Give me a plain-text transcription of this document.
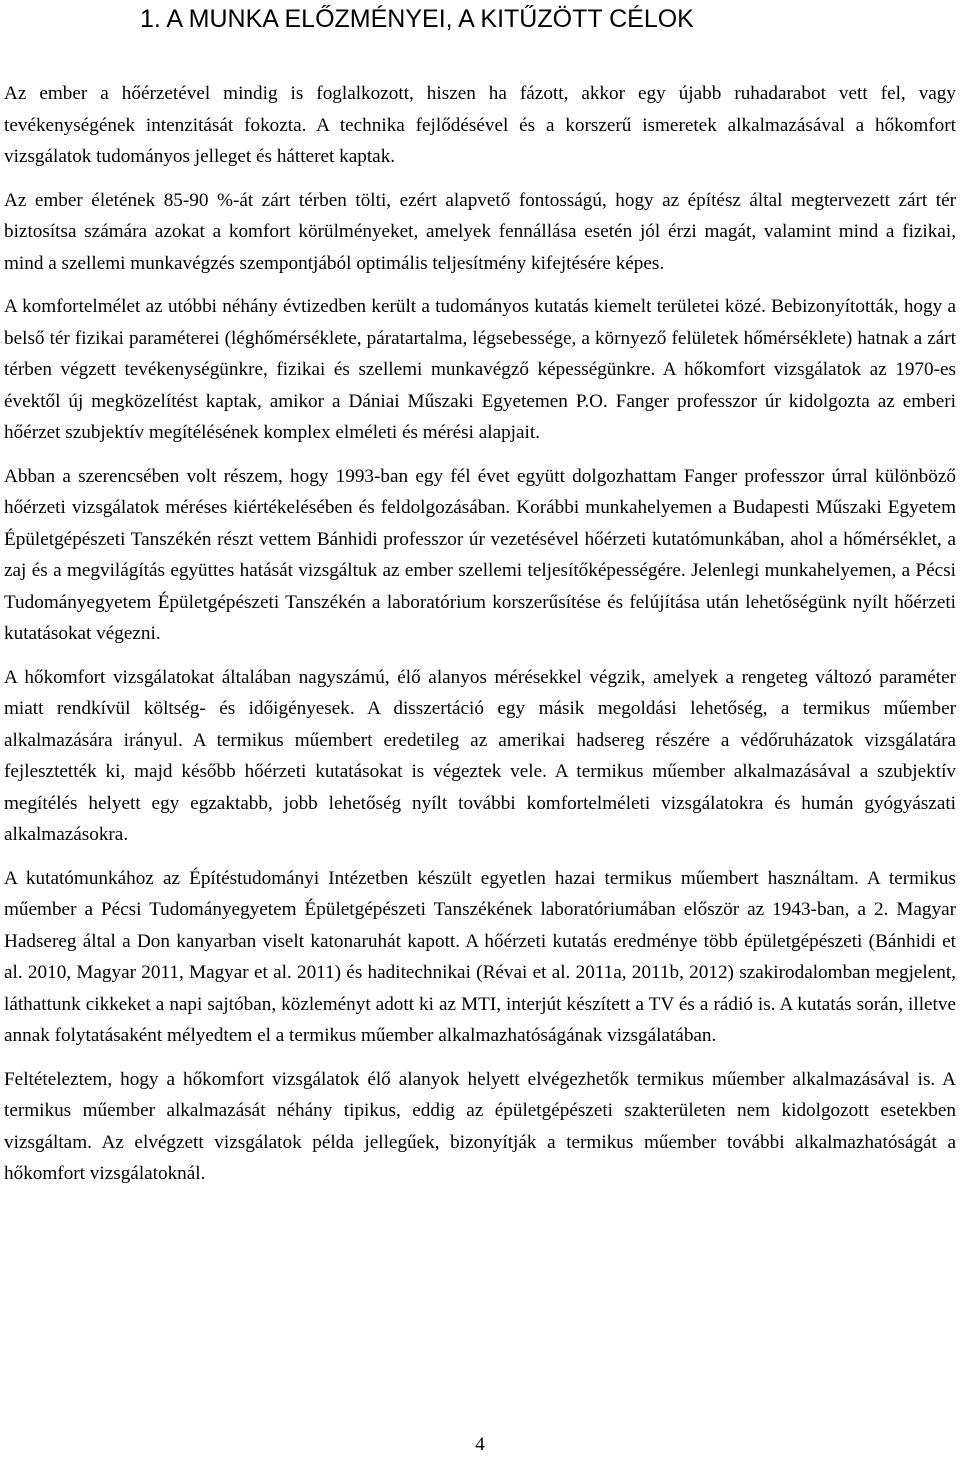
1. A MUNKA ELŐZMÉNYEI, A KITŰZÖTT CÉLOK

Az ember a hőérzetével mindig is foglalkozott, hiszen ha fázott, akkor egy újabb ruhadarabot vett fel, vagy tevékenységének intenzitását fokozta. A technika fejlődésével és a korszerű ismeretek alkalmazásával a hőkomfort vizsgálatok tudományos jelleget és hátteret kaptak.

Az ember életének 85-90 %-át zárt térben tölti, ezért alapvető fontosságú, hogy az építész által megtervezett zárt tér biztosítsa számára azokat a komfort körülményeket, amelyek fennállása esetén jól érzi magát, valamint mind a fizikai, mind a szellemi munkavégzés szempontjából optimális teljesítmény kifejtésére képes.

A komfortelmélet az utóbbi néhány évtizedben került a tudományos kutatás kiemelt területei közé. Bebizonyították, hogy a belső tér fizikai paraméterei (léghőmérséklete, páratartalma, légsebessége, a környező felületek hőmérséklete) hatnak a zárt térben végzett tevékenységünkre, fizikai és szellemi munkavégző képességünkre. A hőkomfort vizsgálatok az 1970-es évektől új megközelítést kaptak, amikor a Dániai Műszaki Egyetemen P.O. Fanger professzor úr kidolgozta az emberi hőérzet szubjektív megítélésének komplex elméleti és mérési alapjait.

Abban a szerencsében volt részem, hogy 1993-ban egy fél évet együtt dolgozhattam Fanger professzor úrral különböző hőérzeti vizsgálatok méréses kiértékelésében és feldolgozásában. Korábbi munkahelyemen a Budapesti Műszaki Egyetem Épületgépészeti Tanszékén részt vettem Bánhidi professzor úr vezetésével hőérzeti kutatómunkában, ahol a hőmérséklet, a zaj és a megvilágítás együttes hatását vizsgáltuk az ember szellemi teljesítőképességére. Jelenlegi munkahelyemen, a Pécsi Tudományegyetem Épületgépészeti Tanszékén a laboratórium korszerűsítése és felújítása után lehetőségünk nyílt hőérzeti kutatásokat végezni.

A hőkomfort vizsgálatokat általában nagyszámú, élő alanyos mérésekkel végzik, amelyek a rengeteg változó paraméter miatt rendkívül költség- és időigényesek. A disszertáció egy másik megoldási lehetőség, a termikus műember alkalmazására irányul. A termikus műembert eredetileg az amerikai hadsereg részére a védőruházatok vizsgálatára fejlesztették ki, majd később hőérzeti kutatásokat is végeztek vele. A termikus műember alkalmazásával a szubjektív megítélés helyett egy egzaktabb, jobb lehetőség nyílt további komfortelméleti vizsgálatokra és humán gyógyászati alkalmazásokra.

A kutatómunkához az Építéstudományi Intézetben készült egyetlen hazai termikus műembert használtam. A termikus műember a Pécsi Tudományegyetem Épületgépészeti Tanszékének laboratóriumában először az 1943-ban, a 2. Magyar Hadsereg által a Don kanyarban viselt katonaruhát kapott. A hőérzeti kutatás eredménye több épületgépészeti (Bánhidi et al. 2010, Magyar 2011, Magyar et al. 2011) és haditechnikai (Révai et al. 2011a, 2011b, 2012) szakirodalomban megjelent, láthattunk cikkeket a napi sajtóban, közleményt adott ki az MTI, interjút készített a TV és a rádió is. A kutatás során, illetve annak folytatásaként mélyedtem el a termikus műember alkalmazhatóságának vizsgálatában.

Feltételeztem, hogy a hőkomfort vizsgálatok élő alanyok helyett elvégezhetők termikus műember alkalmazásával is. A termikus műember alkalmazását néhány tipikus, eddig az épületgépészeti szakterületen nem kidolgozott esetekben vizsgáltam. Az elvégzett vizsgálatok példa jellegűek, bizonyítják a termikus műember további alkalmazhatóságát a hőkomfort vizsgálatoknál.

4
